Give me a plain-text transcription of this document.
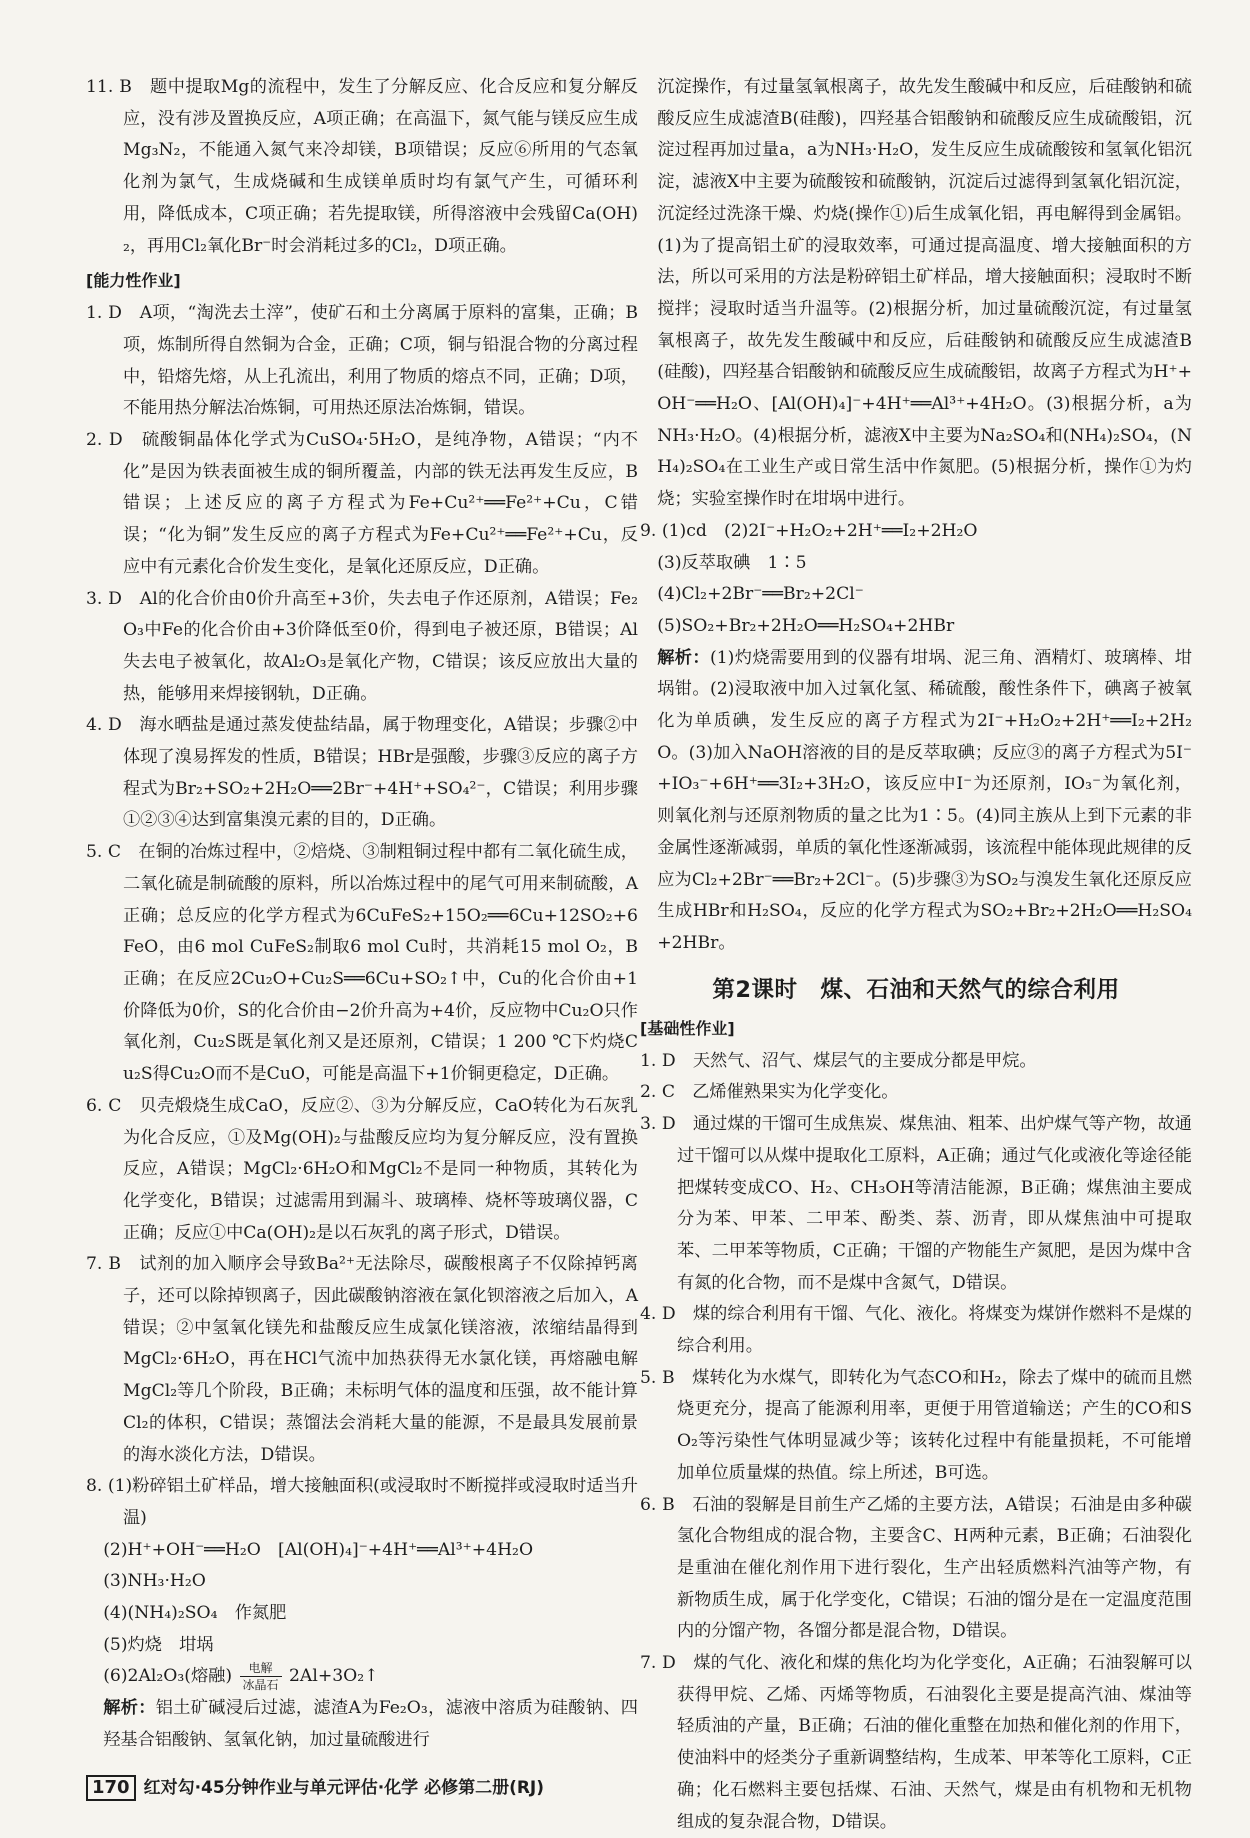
11. B　题中提取Mg的流程中，发生了分解反应、化合反应和复分解反应，没有涉及置换反应，A项正确；在高温下，氮气能与镁反应生成Mg₃N₂，不能通入氮气来冷却镁，B项错误；反应⑥所用的气态氧化剂为氯气，生成烧碱和生成镁单质时均有氯气产生，可循环利用，降低成本，C项正确；若先提取镁，所得溶液中会残留Ca(OH)₂，再用Cl₂氧化Br⁻时会消耗过多的Cl₂，D项正确。

[能力性作业]

1. D　A项，“淘洗去土滓”，使矿石和土分离属于原料的富集，正确；B项，炼制所得自然铜为合金，正确；C项，铜与铅混合物的分离过程中，铅熔先熔，从上孔流出，利用了物质的熔点不同，正确；D项，不能用热分解法冶炼铜，可用热还原法冶炼铜，错误。

2. D　硫酸铜晶体化学式为CuSO₄·5H₂O，是纯净物，A错误；“内不化”是因为铁表面被生成的铜所覆盖，内部的铁无法再发生反应，B错误；上述反应的离子方程式为Fe+Cu²⁺══Fe²⁺+Cu，C错误；“化为铜”发生反应的离子方程式为Fe+Cu²⁺══Fe²⁺+Cu，反应中有元素化合价发生变化，是氧化还原反应，D正确。

3. D　Al的化合价由0价升高至+3价，失去电子作还原剂，A错误；Fe₂O₃中Fe的化合价由+3价降低至0价，得到电子被还原，B错误；Al失去电子被氧化，故Al₂O₃是氧化产物，C错误；该反应放出大量的热，能够用来焊接钢轨，D正确。

4. D　海水晒盐是通过蒸发使盐结晶，属于物理变化，A错误；步骤②中体现了溴易挥发的性质，B错误；HBr是强酸，步骤③反应的离子方程式为Br₂+SO₂+2H₂O══2Br⁻+4H⁺+SO₄²⁻，C错误；利用步骤①②③④达到富集溴元素的目的，D正确。

5. C　在铜的冶炼过程中，②焙烧、③制粗铜过程中都有二氧化硫生成，二氧化硫是制硫酸的原料，所以冶炼过程中的尾气可用来制硫酸，A正确；总反应的化学方程式为6CuFeS₂+15O₂══6Cu+12SO₂+6FeO，由6 mol CuFeS₂制取6 mol Cu时，共消耗15 mol O₂，B正确；在反应2Cu₂O+Cu₂S══6Cu+SO₂↑中，Cu的化合价由+1价降低为0价，S的化合价由−2价升高为+4价，反应物中Cu₂O只作氧化剂，Cu₂S既是氧化剂又是还原剂，C错误；1 200 ℃下灼烧Cu₂S得Cu₂O而不是CuO，可能是高温下+1价铜更稳定，D正确。

6. C　贝壳煅烧生成CaO，反应②、③为分解反应，CaO转化为石灰乳为化合反应，①及Mg(OH)₂与盐酸反应均为复分解反应，没有置换反应，A错误；MgCl₂·6H₂O和MgCl₂不是同一种物质，其转化为化学变化，B错误；过滤需用到漏斗、玻璃棒、烧杯等玻璃仪器，C正确；反应①中Ca(OH)₂是以石灰乳的离子形式，D错误。

7. B　试剂的加入顺序会导致Ba²⁺无法除尽，碳酸根离子不仅除掉钙离子，还可以除掉钡离子，因此碳酸钠溶液在氯化钡溶液之后加入，A错误；②中氢氧化镁先和盐酸反应生成氯化镁溶液，浓缩结晶得到MgCl₂·6H₂O，再在HCl气流中加热获得无水氯化镁，再熔融电解MgCl₂等几个阶段，B正确；未标明气体的温度和压强，故不能计算Cl₂的体积，C错误；蒸馏法会消耗大量的能源，不是最具发展前景的海水淡化方法，D错误。

8. (1)粉碎铝土矿样品，增大接触面积(或浸取时不断搅拌或浸取时适当升温)

(2)H⁺+OH⁻══H₂O　[Al(OH)₄]⁻+4H⁺══Al³⁺+4H₂O

(3)NH₃·H₂O

(4)(NH₄)₂SO₄　作氮肥

(5)灼烧　坩埚

(6)2Al₂O₃(熔融) $\frac{\text{电解}}{\text{冰晶石}}$ 2Al+3O₂↑

解析：铝土矿碱浸后过滤，滤渣A为Fe₂O₃，滤液中溶质为硅酸钠、四羟基合铝酸钠、氢氧化钠，加过量硫酸进行

沉淀操作，有过量氢氧根离子，故先发生酸碱中和反应，后硅酸钠和硫酸反应生成滤渣B(硅酸)，四羟基合铝酸钠和硫酸反应生成硫酸铝，沉淀过程再加过量a，a为NH₃·H₂O，发生反应生成硫酸铵和氢氧化铝沉淀，滤液X中主要为硫酸铵和硫酸钠，沉淀后过滤得到氢氧化铝沉淀，沉淀经过洗涤干燥、灼烧(操作①)后生成氧化铝，再电解得到金属铝。(1)为了提高铝土矿的浸取效率，可通过提高温度、增大接触面积的方法，所以可采用的方法是粉碎铝土矿样品，增大接触面积；浸取时不断搅拌；浸取时适当升温等。(2)根据分析，加过量硫酸沉淀，有过量氢氧根离子，故先发生酸碱中和反应，后硅酸钠和硫酸反应生成滤渣B(硅酸)，四羟基合铝酸钠和硫酸反应生成硫酸铝，故离子方程式为H⁺+OH⁻══H₂O、[Al(OH)₄]⁻+4H⁺══Al³⁺+4H₂O。(3)根据分析，a为NH₃·H₂O。(4)根据分析，滤液X中主要为Na₂SO₄和(NH₄)₂SO₄，(NH₄)₂SO₄在工业生产或日常生活中作氮肥。(5)根据分析，操作①为灼烧；实验室操作时在坩埚中进行。

9. (1)cd　(2)2I⁻+H₂O₂+2H⁺══I₂+2H₂O

(3)反萃取碘　1∶5

(4)Cl₂+2Br⁻══Br₂+2Cl⁻

(5)SO₂+Br₂+2H₂O══H₂SO₄+2HBr

解析：(1)灼烧需要用到的仪器有坩埚、泥三角、酒精灯、玻璃棒、坩埚钳。(2)浸取液中加入过氧化氢、稀硫酸，酸性条件下，碘离子被氧化为单质碘，发生反应的离子方程式为2I⁻+H₂O₂+2H⁺══I₂+2H₂O。(3)加入NaOH溶液的目的是反萃取碘；反应③的离子方程式为5I⁻+IO₃⁻+6H⁺══3I₂+3H₂O，该反应中I⁻为还原剂，IO₃⁻为氧化剂，则氧化剂与还原剂物质的量之比为1∶5。(4)同主族从上到下元素的非金属性逐渐减弱，单质的氧化性逐渐减弱，该流程中能体现此规律的反应为Cl₂+2Br⁻══Br₂+2Cl⁻。(5)步骤③为SO₂与溴发生氧化还原反应生成HBr和H₂SO₄，反应的化学方程式为SO₂+Br₂+2H₂O══H₂SO₄+2HBr。

第2课时　煤、石油和天然气的综合利用
[基础性作业]

1. D　天然气、沼气、煤层气的主要成分都是甲烷。

2. C　乙烯催熟果实为化学变化。

3. D　通过煤的干馏可生成焦炭、煤焦油、粗苯、出炉煤气等产物，故通过干馏可以从煤中提取化工原料，A正确；通过气化或液化等途径能把煤转变成CO、H₂、CH₃OH等清洁能源，B正确；煤焦油主要成分为苯、甲苯、二甲苯、酚类、萘、沥青，即从煤焦油中可提取苯、二甲苯等物质，C正确；干馏的产物能生产氮肥，是因为煤中含有氮的化合物，而不是煤中含氮气，D错误。

4. D　煤的综合利用有干馏、气化、液化。将煤变为煤饼作燃料不是煤的综合利用。

5. B　煤转化为水煤气，即转化为气态CO和H₂，除去了煤中的硫而且燃烧更充分，提高了能源利用率，更便于用管道输送；产生的CO和SO₂等污染性气体明显减少等；该转化过程中有能量损耗，不可能增加单位质量煤的热值。综上所述，B可选。

6. B　石油的裂解是目前生产乙烯的主要方法，A错误；石油是由多种碳氢化合物组成的混合物，主要含C、H两种元素，B正确；石油裂化是重油在催化剂作用下进行裂化，生产出轻质燃料汽油等产物，有新物质生成，属于化学变化，C错误；石油的馏分是在一定温度范围内的分馏产物，各馏分都是混合物，D错误。

7. D　煤的气化、液化和煤的焦化均为化学变化，A正确；石油裂解可以获得甲烷、乙烯、丙烯等物质，石油裂化主要是提高汽油、煤油等轻质油的产量，B正确；石油的催化重整在加热和催化剂的作用下，使油料中的烃类分子重新调整结构，生成苯、甲苯等化工原料，C正确；化石燃料主要包括煤、石油、天然气，煤是由有机物和无机物组成的复杂混合物，D错误。

170 红对勾·45分钟作业与单元评估·化学 必修第二册(RJ)
